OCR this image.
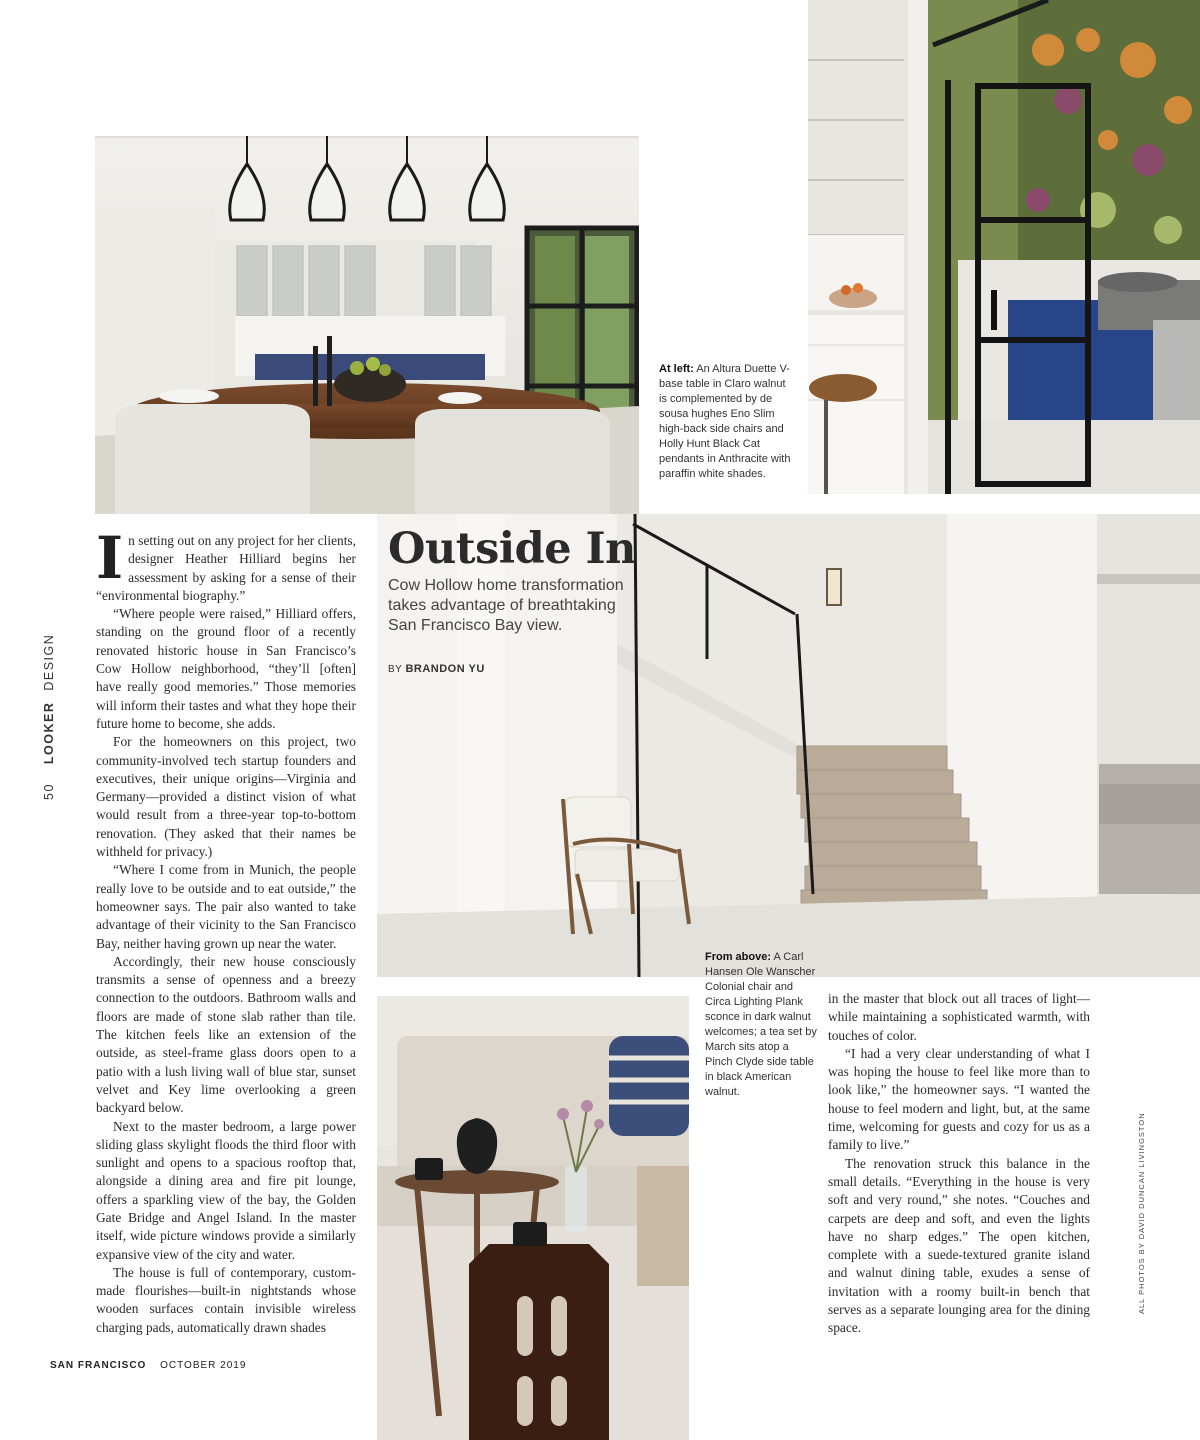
At left: An Altura Duette V-base table in Claro walnut is complemented by de sousa hughes Eno Slim high-back side chairs and Holly Hunt Black Cat pendants in Anthracite with paraffin white shades.
Outside In
Cow Hollow home transformation takes advantage of breathtaking San Francisco Bay view.
BY BRANDON YU
From above: A Carl Hansen Ole Wanscher Colonial chair and Circa Lighting Plank sconce in dark walnut welcomes; a tea set by March sits atop a Pinch Clyde side table in black American walnut.

In setting out on any project for her clients, designer Heather Hilliard begins her assessment by asking for a sense of their “environmental biography.”

“Where people were raised,” Hilliard offers, standing on the ground floor of a recently renovated historic house in San Francisco’s Cow Hollow neighborhood, “they’ll [often] have really good memories.” Those memories will inform their tastes and what they hope their future home to become, she adds.

For the homeowners on this project, two community-involved tech startup founders and executives, their unique origins—Virginia and Germany—provided a distinct vision of what would result from a three-year top-to-bottom renovation. (They asked that their names be withheld for privacy.)

“Where I come from in Munich, the people really love to be outside and to eat outside,” the homeowner says. The pair also wanted to take advantage of their vicinity to the San Francisco Bay, neither having grown up near the water.

Accordingly, their new house consciously transmits a sense of openness and a breezy connection to the outdoors. Bathroom walls and floors are made of stone slab rather than tile. The kitchen feels like an extension of the outside, as steel-frame glass doors open to a patio with a lush living wall of blue star, sunset velvet and Key lime overlooking a green backyard below.

Next to the master bedroom, a large power sliding glass skylight floods the third floor with sunlight and opens to a spacious rooftop that, alongside a dining area and fire pit lounge, offers a sparkling view of the bay, the Golden Gate Bridge and Angel Island. In the master itself, wide picture windows provide a similarly expansive view of the city and water.

The house is full of contemporary, custom-made flourishes—built-in nightstands whose wooden surfaces contain invisible wireless charging pads, automatically drawn shades

in the master that block out all traces of light—while maintaining a sophisticated warmth, with touches of color.

“I had a very clear understanding of what I was hoping the house to feel like more than to look like,” the homeowner says. “I wanted the house to feel modern and light, but, at the same time, welcoming for guests and cozy for us as a family to live.”

The renovation struck this balance in the small details. “Everything in the house is very soft and very round,” she notes. “Couches and carpets are deep and soft, and even the lights have no sharp edges.” The open kitchen, complete with a suede-textured granite island and walnut dining table, exudes a sense of invitation with a roomy built-in bench that serves as a separate lounging area for the dining space.

50 LOOKER DESIGN
ALL PHOTOS BY DAVID DUNCAN LIVINGSTON
SAN FRANCISCO OCTOBER 2019
